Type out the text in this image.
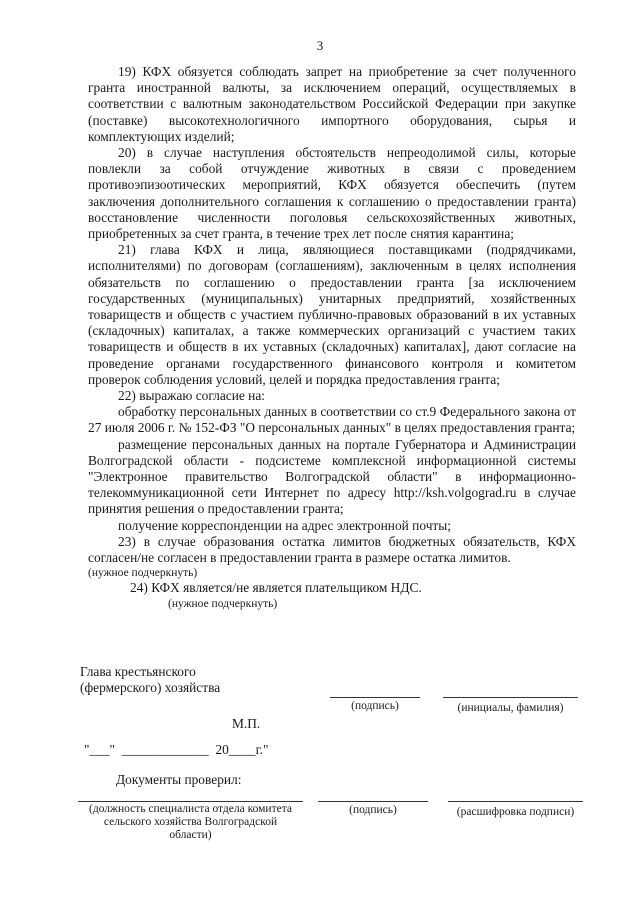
3

19) КФХ обязуется соблюдать запрет на приобретение за счет полученного гранта иностранной валюты, за исключением операций, осуществляемых в соответствии с валютным законодательством Российской Федерации при закупке (поставке) высокотехнологичного импортного оборудования, сырья и комплектующих изделий;

20) в случае наступления обстоятельств непреодолимой силы, которые повлекли за собой отчуждение животных в связи с проведением противоэпизоотических мероприятий, КФХ обязуется обеспечить (путем заключения дополнительного соглашения к соглашению о предоставлении гранта) восстановление численности поголовья сельскохозяйственных животных, приобретенных за счет гранта, в течение трех лет после снятия карантина;

21) глава КФХ и лица, являющиеся поставщиками (подрядчиками, исполнителями) по договорам (соглашениям), заключенным в целях исполнения обязательств по соглашению о предоставлении гранта [за исключением государственных (муниципальных) унитарных предприятий, хозяйственных товариществ и обществ с участием публично-правовых образований в их уставных (складочных) капиталах, а также коммерческих организаций с участием таких товариществ и обществ в их уставных (складочных) капиталах], дают согласие на проведение органами государственного финансового контроля и комитетом проверок соблюдения условий, целей и порядка предоставления гранта;

22) выражаю согласие на:

обработку персональных данных в соответствии со ст.9 Федерального закона от 27 июля 2006 г. № 152-ФЗ "О персональных данных" в целях предоставления гранта;

размещение персональных данных на портале Губернатора и Администрации Волгоградской области - подсистеме комплексной информационной системы "Электронное правительство Волгоградской области" в информационно-телекоммуникационной сети Интернет по адресу http://ksh.volgograd.ru в случае принятия решения о предоставлении гранта;

получение корреспонденции на адрес электронной почты;

23) в случае образования остатка лимитов бюджетных обязательств, КФХ согласен/не согласен в предоставлении гранта в размере остатка лимитов.

(нужное подчеркнуть)

24) КФХ является/не является плательщиком НДС.

(нужное подчеркнуть)
Глава крестьянского
(фермерского) хозяйства
(подпись)	(инициалы, фамилия)
М.П.
"___"  _____________  20____г."
Документы проверил:
(должность специалиста отдела комитета сельского хозяйства Волгоградской области)
(подпись)	(расшифровка подписи)
